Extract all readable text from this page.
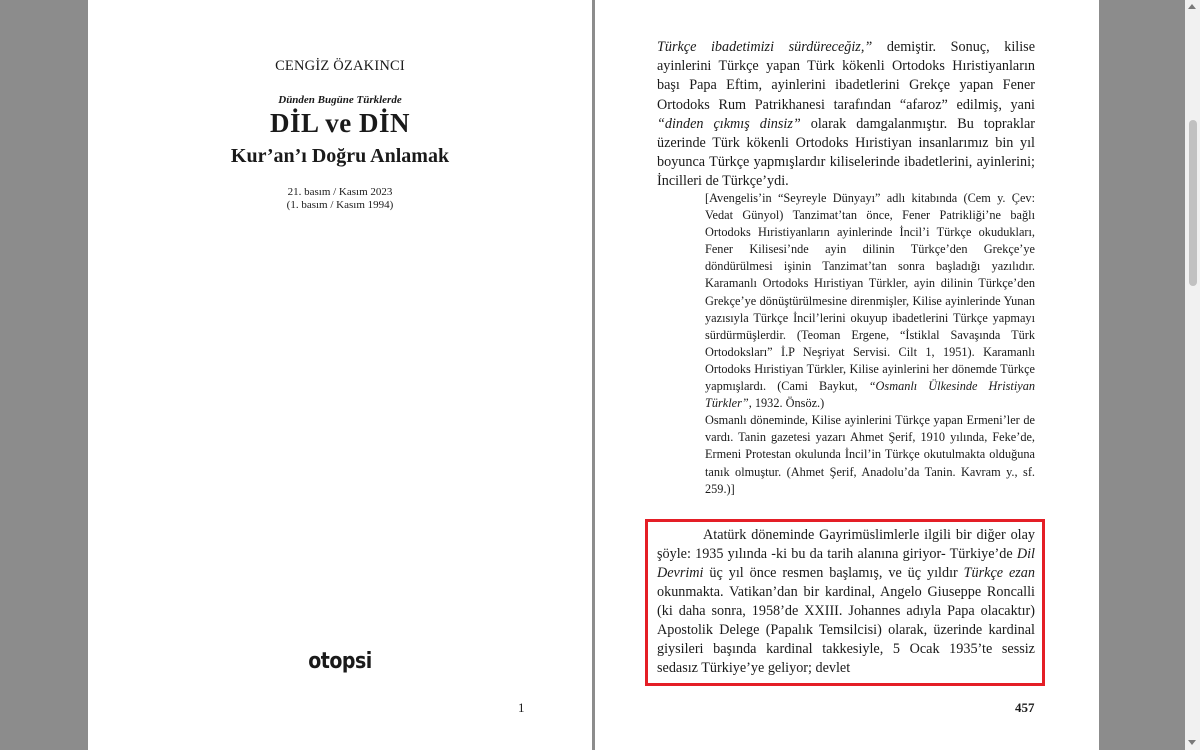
CENGİZ ÖZAKINCI
Dünden Bugüne Türklerde
DİL ve DİN
Kur’an’ı Doğru Anlamak
21. basım / Kasım 2023
(1. basım / Kasım 1994)
otopsi
1

Türkçe ibadetimizi sürdüreceğiz,” demiştir. Sonuç, kilise ayinlerini Türkçe yapan Türk kökenli Ortodoks Hıristiyanların başı Papa Eftim, ayinlerini ibadetlerini Grekçe yapan Fener Ortodoks Rum Patrikhanesi tarafından “afaroz” edilmiş, yani “dinden çıkmış dinsiz” olarak damgalanmıştır. Bu topraklar üzerinde Türk kökenli Ortodoks Hıristiyan insanlarımız bin yıl boyunca Türkçe yapmışlardır kiliselerinde ibadetlerini, ayinlerini; İncilleri de Türkçe’ydi.

[Avengelis’in “Seyreyle Dünyayı” adlı kitabında (Cem y. Çev: Vedat Günyol) Tanzimat’tan önce, Fener Patrikliği’ne bağlı Ortodoks Hıristiyanların ayinlerinde İncil’i Türkçe okudukları, Fener Kilisesi’nde ayin dilinin Türkçe’den Grekçe’ye döndürülmesi işinin Tanzimat’tan sonra başladığı yazılıdır. Karamanlı Ortodoks Hıristiyan Türkler, ayin dilinin Türkçe’den Grekçe’ye dönüştürülmesine direnmişler, Kilise ayinlerinde Yunan yazısıyla Türkçe İncil’lerini okuyup ibadetlerini Türkçe yapmayı sürdürmüşlerdir. (Teoman Ergene, “İstiklal Savaşında Türk Ortodoksları” İ.P Neşriyat Servisi. Cilt 1, 1951). Karamanlı Ortodoks Hıristiyan Türkler, Kilise ayinlerini her dönemde Türkçe yapmışlardı. (Cami Baykut, “Osmanlı Ülkesinde Hristiyan Türkler”, 1932. Önsöz.)

Osmanlı döneminde, Kilise ayinlerini Türkçe yapan Ermeni’ler de vardı. Tanin gazetesi yazarı Ahmet Şerif, 1910 yılında, Feke’de, Ermeni Protestan okulunda İncil’in Türkçe okutulmakta olduğuna tanık olmuştur. (Ahmet Şerif, Anadolu’da Tanin. Kavram y., sf. 259.)]

Atatürk döneminde Gayrimüslimlerle ilgili bir diğer olay şöyle: 1935 yılında -ki bu da tarih alanına giriyor- Türkiye’de Dil Devrimi üç yıl önce resmen başlamış, ve üç yıldır Türkçe ezan okunmakta. Vatikan’dan bir kardinal, Angelo Giuseppe Roncalli (ki daha sonra, 1958’de XXIII. Johannes adıyla Papa olacaktır) Apostolik Delege (Papalık Temsilcisi) olarak, üzerinde kardinal giysileri başında kardinal takkesiyle, 5 Ocak 1935’te sessiz sedasız Türkiye’ye geliyor; devlet

457
